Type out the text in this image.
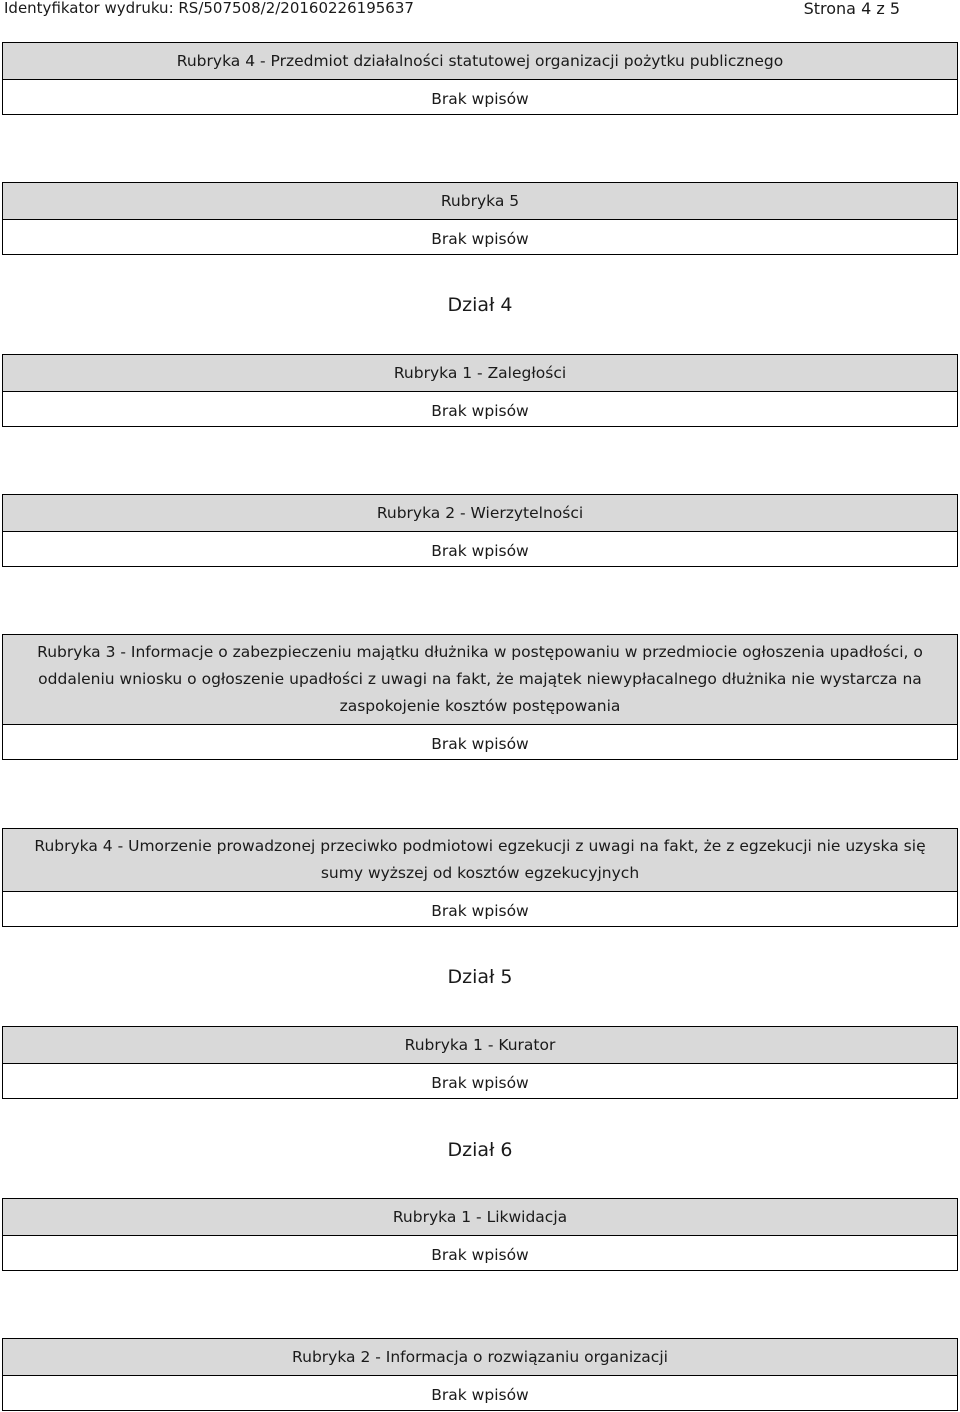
Identyfikator wydruku: RS/507508/2/20160226195637	Strona 4 z 5
Rubryka 4 - Przedmiot działalności statutowej organizacji pożytku publicznego
Brak wpisów
Rubryka 5
Brak wpisów
Dział 4
Rubryka 1 - Zaległości
Brak wpisów
Rubryka 2 - Wierzytelności
Brak wpisów
Rubryka 3 - Informacje o zabezpieczeniu majątku dłużnika w postępowaniu w przedmiocie ogłoszenia upadłości, o oddaleniu wniosku o ogłoszenie upadłości z uwagi na fakt, że majątek niewypłacalnego dłużnika nie wystarcza na zaspokojenie kosztów postępowania
Brak wpisów
Rubryka 4 - Umorzenie prowadzonej przeciwko podmiotowi egzekucji z uwagi na fakt, że z egzekucji nie uzyska się sumy wyższej od kosztów egzekucyjnych
Brak wpisów
Dział 5
Rubryka 1 - Kurator
Brak wpisów
Dział 6
Rubryka 1 - Likwidacja
Brak wpisów
Rubryka 2 - Informacja o rozwiązaniu organizacji
Brak wpisów
